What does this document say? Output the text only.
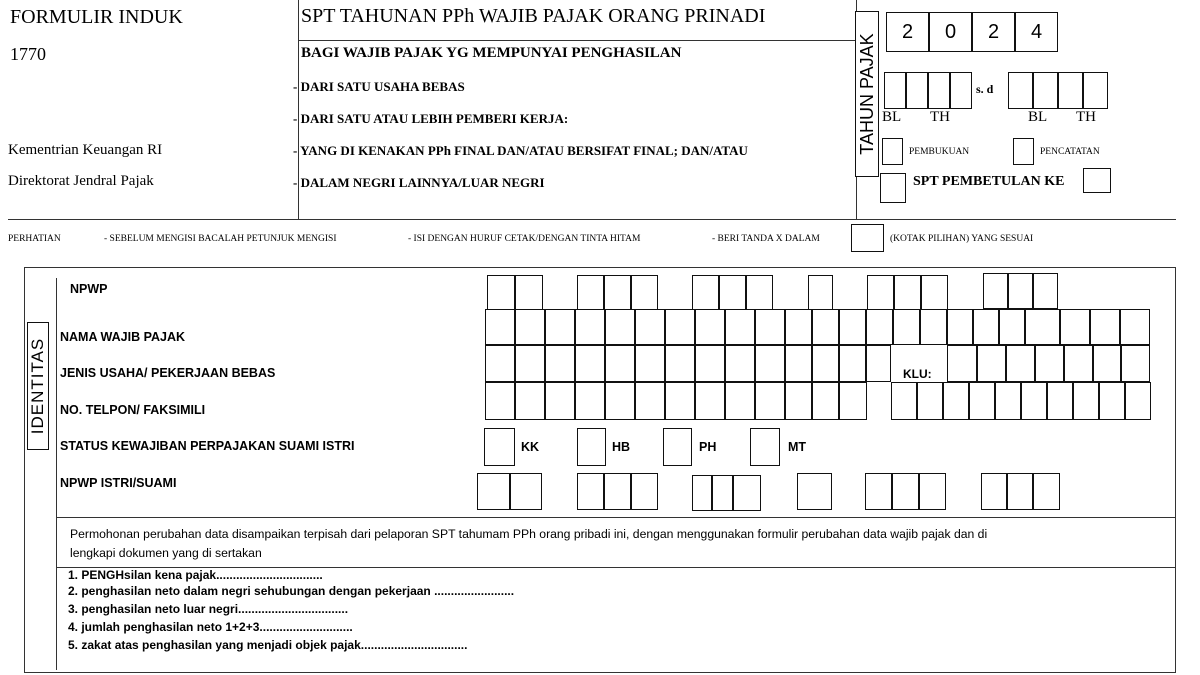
FORMULIR INDUK
1770
Kementrian Keuangan RI
Direktorat Jendral Pajak
SPT TAHUNAN PPh WAJIB PAJAK ORANG PRINADI
BAGI WAJIB PAJAK YG MEMPUNYAI PENGHASILAN
- DARI SATU USAHA BEBAS
- DARI SATU ATAU LEBIH PEMBERI KERJA:
- YANG DI KENAKAN PPh FINAL DAN/ATAU BERSIFAT FINAL; DAN/ATAU
- DALAM NEGRI LAINNYA/LUAR NEGRI
TAHUN PAJAK
2	0	2	4
s. d
BL TH	BL TH
PEMBUKUAN	PENCATATAN
SPT PEMBETULAN KE
PERHATIAN	- SEBELUM MENGISI BACALAH PETUNJUK MENGISI	- ISI DENGAN HURUF CETAK/DENGAN TINTA HITAM	- BERI TANDA X DALAM	(KOTAK PILIHAN) YANG SESUAI
IDENTITAS
NPWP
NAMA WAJIB PAJAK
JENIS USAHA/ PEKERJAAN BEBAS
NO. TELPON/ FAKSIMILI
STATUS KEWAJIBAN PERPAJAKAN SUAMI ISTRI
NPWP ISTRI/SUAMI
KLU:
KK	HB	PH	MT
Permohonan perubahan data disampaikan terpisah dari pelaporan SPT tahumam PPh orang pribadi ini, dengan menggunakan formulir perubahan data wajib pajak dan di
lengkapi dokumen yang di sertakan
1. PENGHsilan kena pajak................................
2. penghasilan neto dalam negri sehubungan dengan pekerjaan ........................
3. penghasilan neto luar negri.................................
4. jumlah penghasilan neto 1+2+3............................
5. zakat atas penghasilan yang menjadi objek pajak................................
